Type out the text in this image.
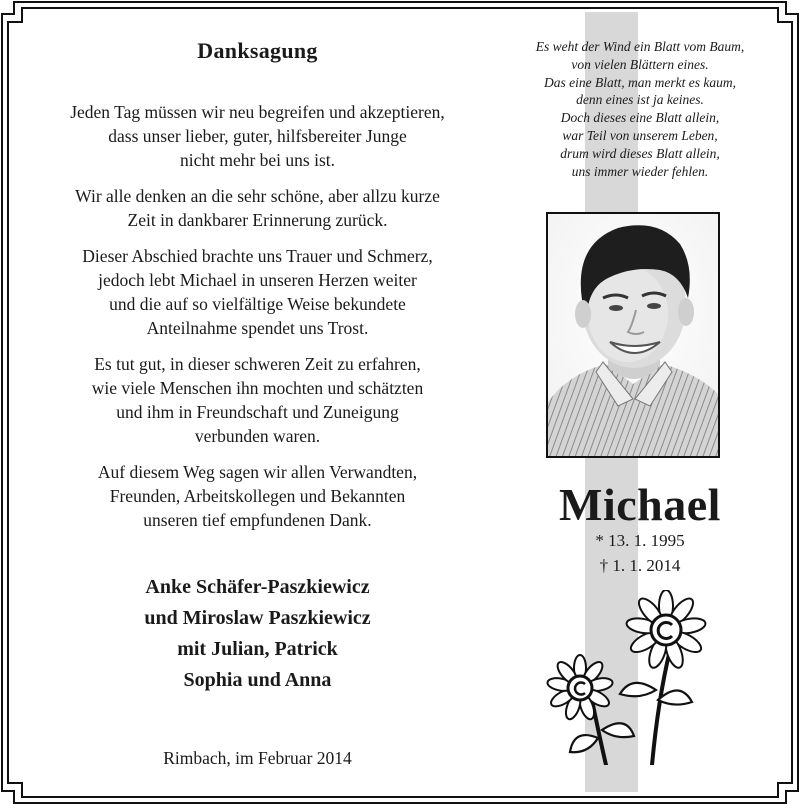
Danksagung

Jeden Tag müssen wir neu begreifen und akzeptieren,
dass unser lieber, guter, hilfsbereiter Junge
nicht mehr bei uns ist.

Wir alle denken an die sehr schöne, aber allzu kurze
Zeit in dankbarer Erinnerung zurück.

Dieser Abschied brachte uns Trauer und Schmerz,
jedoch lebt Michael in unseren Herzen weiter
und die auf so vielfältige Weise bekundete
Anteilnahme spendet uns Trost.

Es tut gut, in dieser schweren Zeit zu erfahren,
wie viele Menschen ihn mochten und schätzten
und ihm in Freundschaft und Zuneigung
verbunden waren.

Auf diesem Weg sagen wir allen Verwandten,
Freunden, Arbeitskollegen und Bekannten
unseren tief empfundenen Dank.

Anke Schäfer-Paszkiewicz
und Miroslaw Paszkiewicz
mit Julian, Patrick
Sophia und Anna
Rimbach, im Februar 2014
Es weht der Wind ein Blatt vom Baum,
von vielen Blättern eines.
Das eine Blatt, man merkt es kaum,
denn eines ist ja keines.
Doch dieses eine Blatt allein,
war Teil von unserem Leben,
drum wird dieses Blatt allein,
uns immer wieder fehlen.
Michael
* 13. 1. 1995
† 1. 1. 2014
